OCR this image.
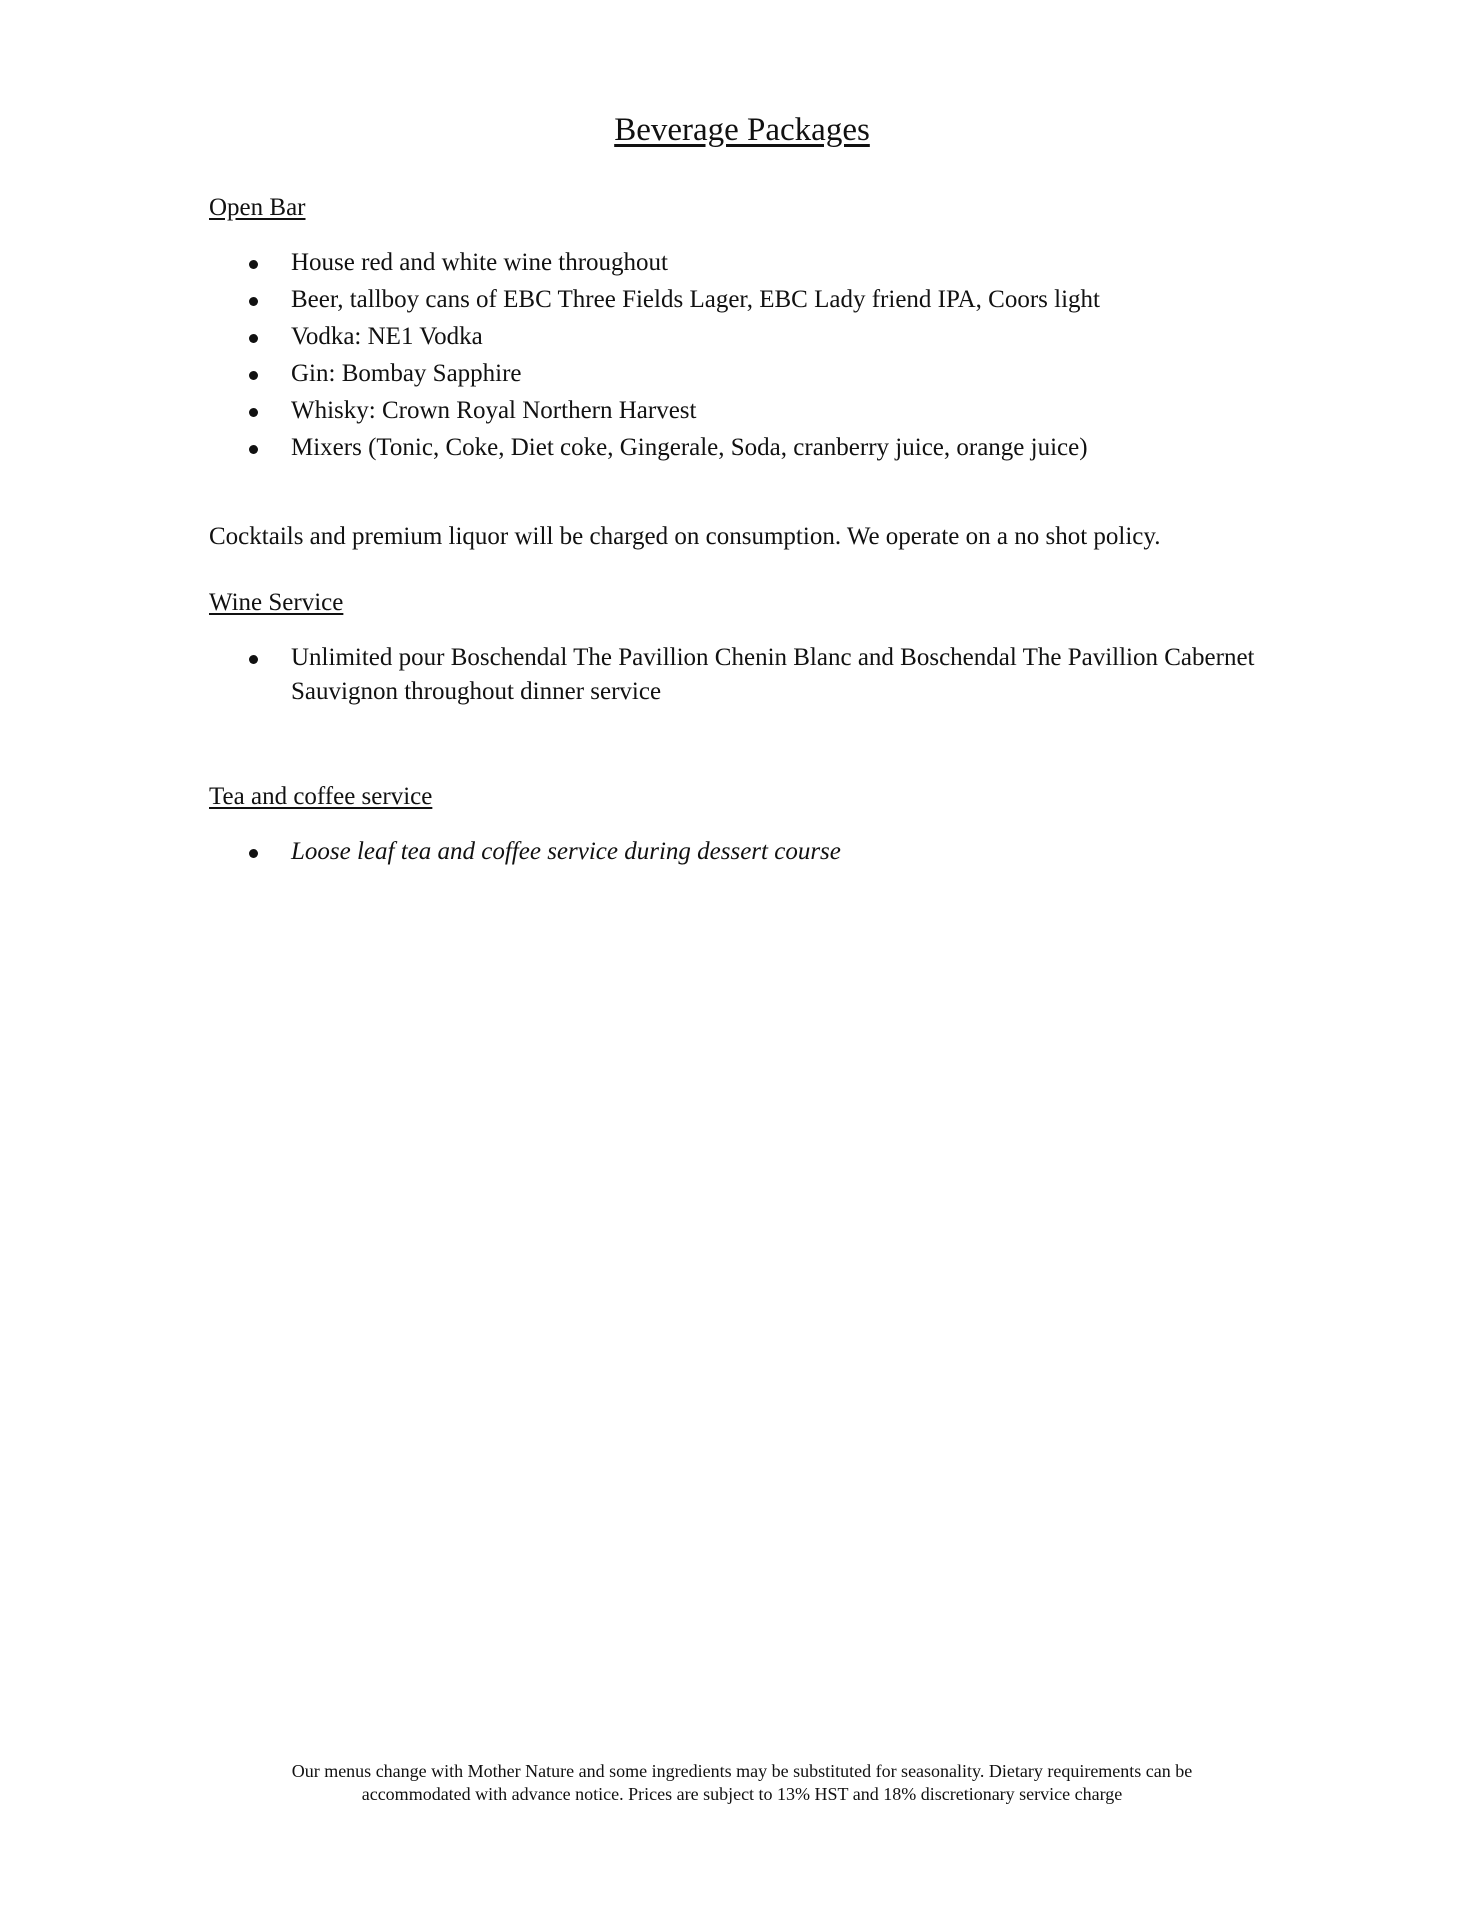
Beverage Packages
Open Bar
House red and white wine throughout
Beer, tallboy cans of EBC Three Fields Lager, EBC Lady friend IPA, Coors light
Vodka: NE1 Vodka
Gin: Bombay Sapphire
Whisky: Crown Royal Northern Harvest
Mixers (Tonic, Coke, Diet coke, Gingerale, Soda, cranberry juice, orange juice)

Cocktails and premium liquor will be charged on consumption. We operate on a no shot policy.

Wine Service
Unlimited pour Boschendal The Pavillion Chenin Blanc and Boschendal The Pavillion Cabernet Sauvignon throughout dinner service
Tea and coffee service
Loose leaf tea and coffee service during dessert course
Our menus change with Mother Nature and some ingredients may be substituted for seasonality. Dietary requirements can be
accommodated with advance notice. Prices are subject to 13% HST and 18% discretionary service charge
